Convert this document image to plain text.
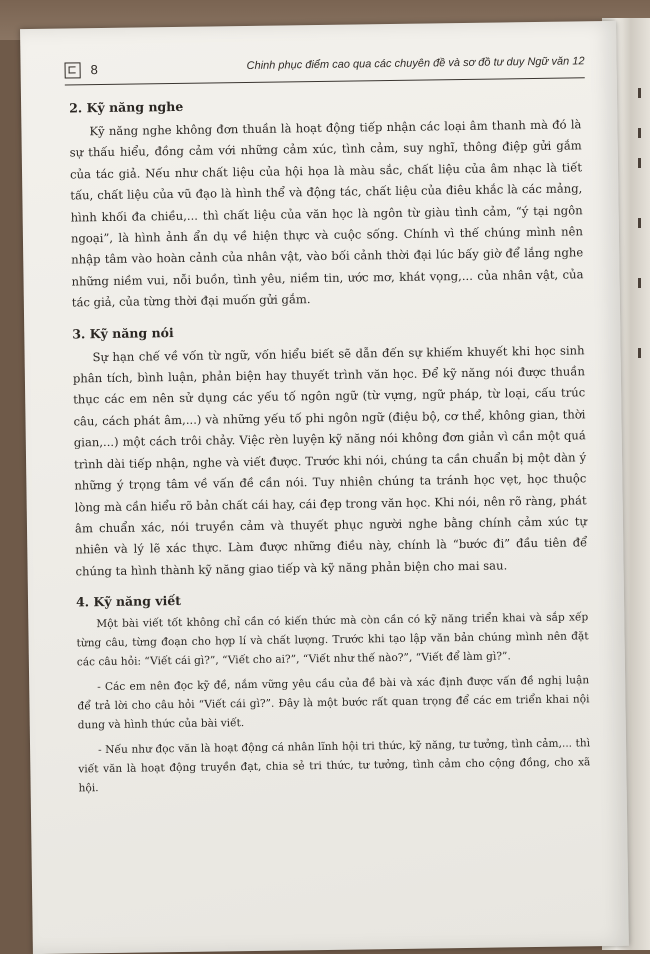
8	Chinh phục điểm cao qua các chuyên đề và sơ đồ tư duy Ngữ văn 12

2. Kỹ năng nghe

Kỹ năng nghe không đơn thuần là hoạt động tiếp nhận các loại âm thanh mà đó là sự thấu hiểu, đồng cảm với những cảm xúc, tình cảm, suy nghĩ, thông điệp gửi gắm của tác giả. Nếu như chất liệu của hội họa là màu sắc, chất liệu của âm nhạc là tiết tấu, chất liệu của vũ đạo là hình thể và động tác, chất liệu của điêu khắc là các mảng, hình khối đa chiều,... thì chất liệu của văn học là ngôn từ giàu tình cảm, “ý tại ngôn ngoại”, là hình ảnh ẩn dụ về hiện thực và cuộc sống. Chính vì thế chúng mình nên nhập tâm vào hoàn cảnh của nhân vật, vào bối cảnh thời đại lúc bấy giờ để lắng nghe những niềm vui, nỗi buồn, tình yêu, niềm tin, ước mơ, khát vọng,... của nhân vật, của tác giả, của từng thời đại muốn gửi gắm.

3. Kỹ năng nói

Sự hạn chế về vốn từ ngữ, vốn hiểu biết sẽ dẫn đến sự khiếm khuyết khi học sinh phân tích, bình luận, phản biện hay thuyết trình văn học. Để kỹ năng nói được thuần thục các em nên sử dụng các yếu tố ngôn ngữ (từ vựng, ngữ pháp, từ loại, cấu trúc câu, cách phát âm,...) và những yếu tố phi ngôn ngữ (điệu bộ, cơ thể, không gian, thời gian,...) một cách trôi chảy. Việc rèn luyện kỹ năng nói không đơn giản vì cần một quá trình dài tiếp nhận, nghe và viết được. Trước khi nói, chúng ta cần chuẩn bị một dàn ý những ý trọng tâm về vấn đề cần nói. Tuy nhiên chúng ta tránh học vẹt, học thuộc lòng mà cần hiểu rõ bản chất cái hay, cái đẹp trong văn học. Khi nói, nên rõ ràng, phát âm chuẩn xác, nói truyền cảm và thuyết phục người nghe bằng chính cảm xúc tự nhiên và lý lẽ xác thực. Làm được những điều này, chính là “bước đi” đầu tiên để chúng ta hình thành kỹ năng giao tiếp và kỹ năng phản biện cho mai sau.

4. Kỹ năng viết

Một bài viết tốt không chỉ cần có kiến thức mà còn cần có kỹ năng triển khai và sắp xếp từng câu, từng đoạn cho hợp lí và chất lượng. Trước khi tạo lập văn bản chúng mình nên đặt các câu hỏi: “Viết cái gì?”, “Viết cho ai?”, “Viết như thế nào?”, “Viết để làm gì?”.

- Các em nên đọc kỹ đề, nắm vững yêu cầu của đề bài và xác định được vấn đề nghị luận để trả lời cho câu hỏi “Viết cái gì?”. Đây là một bước rất quan trọng để các em triển khai nội dung và hình thức của bài viết.

- Nếu như đọc văn là hoạt động cá nhân lĩnh hội tri thức, kỹ năng, tư tưởng, tình cảm,... thì viết văn là hoạt động truyền đạt, chia sẻ tri thức, tư tưởng, tình cảm cho cộng đồng, cho xã hội.
